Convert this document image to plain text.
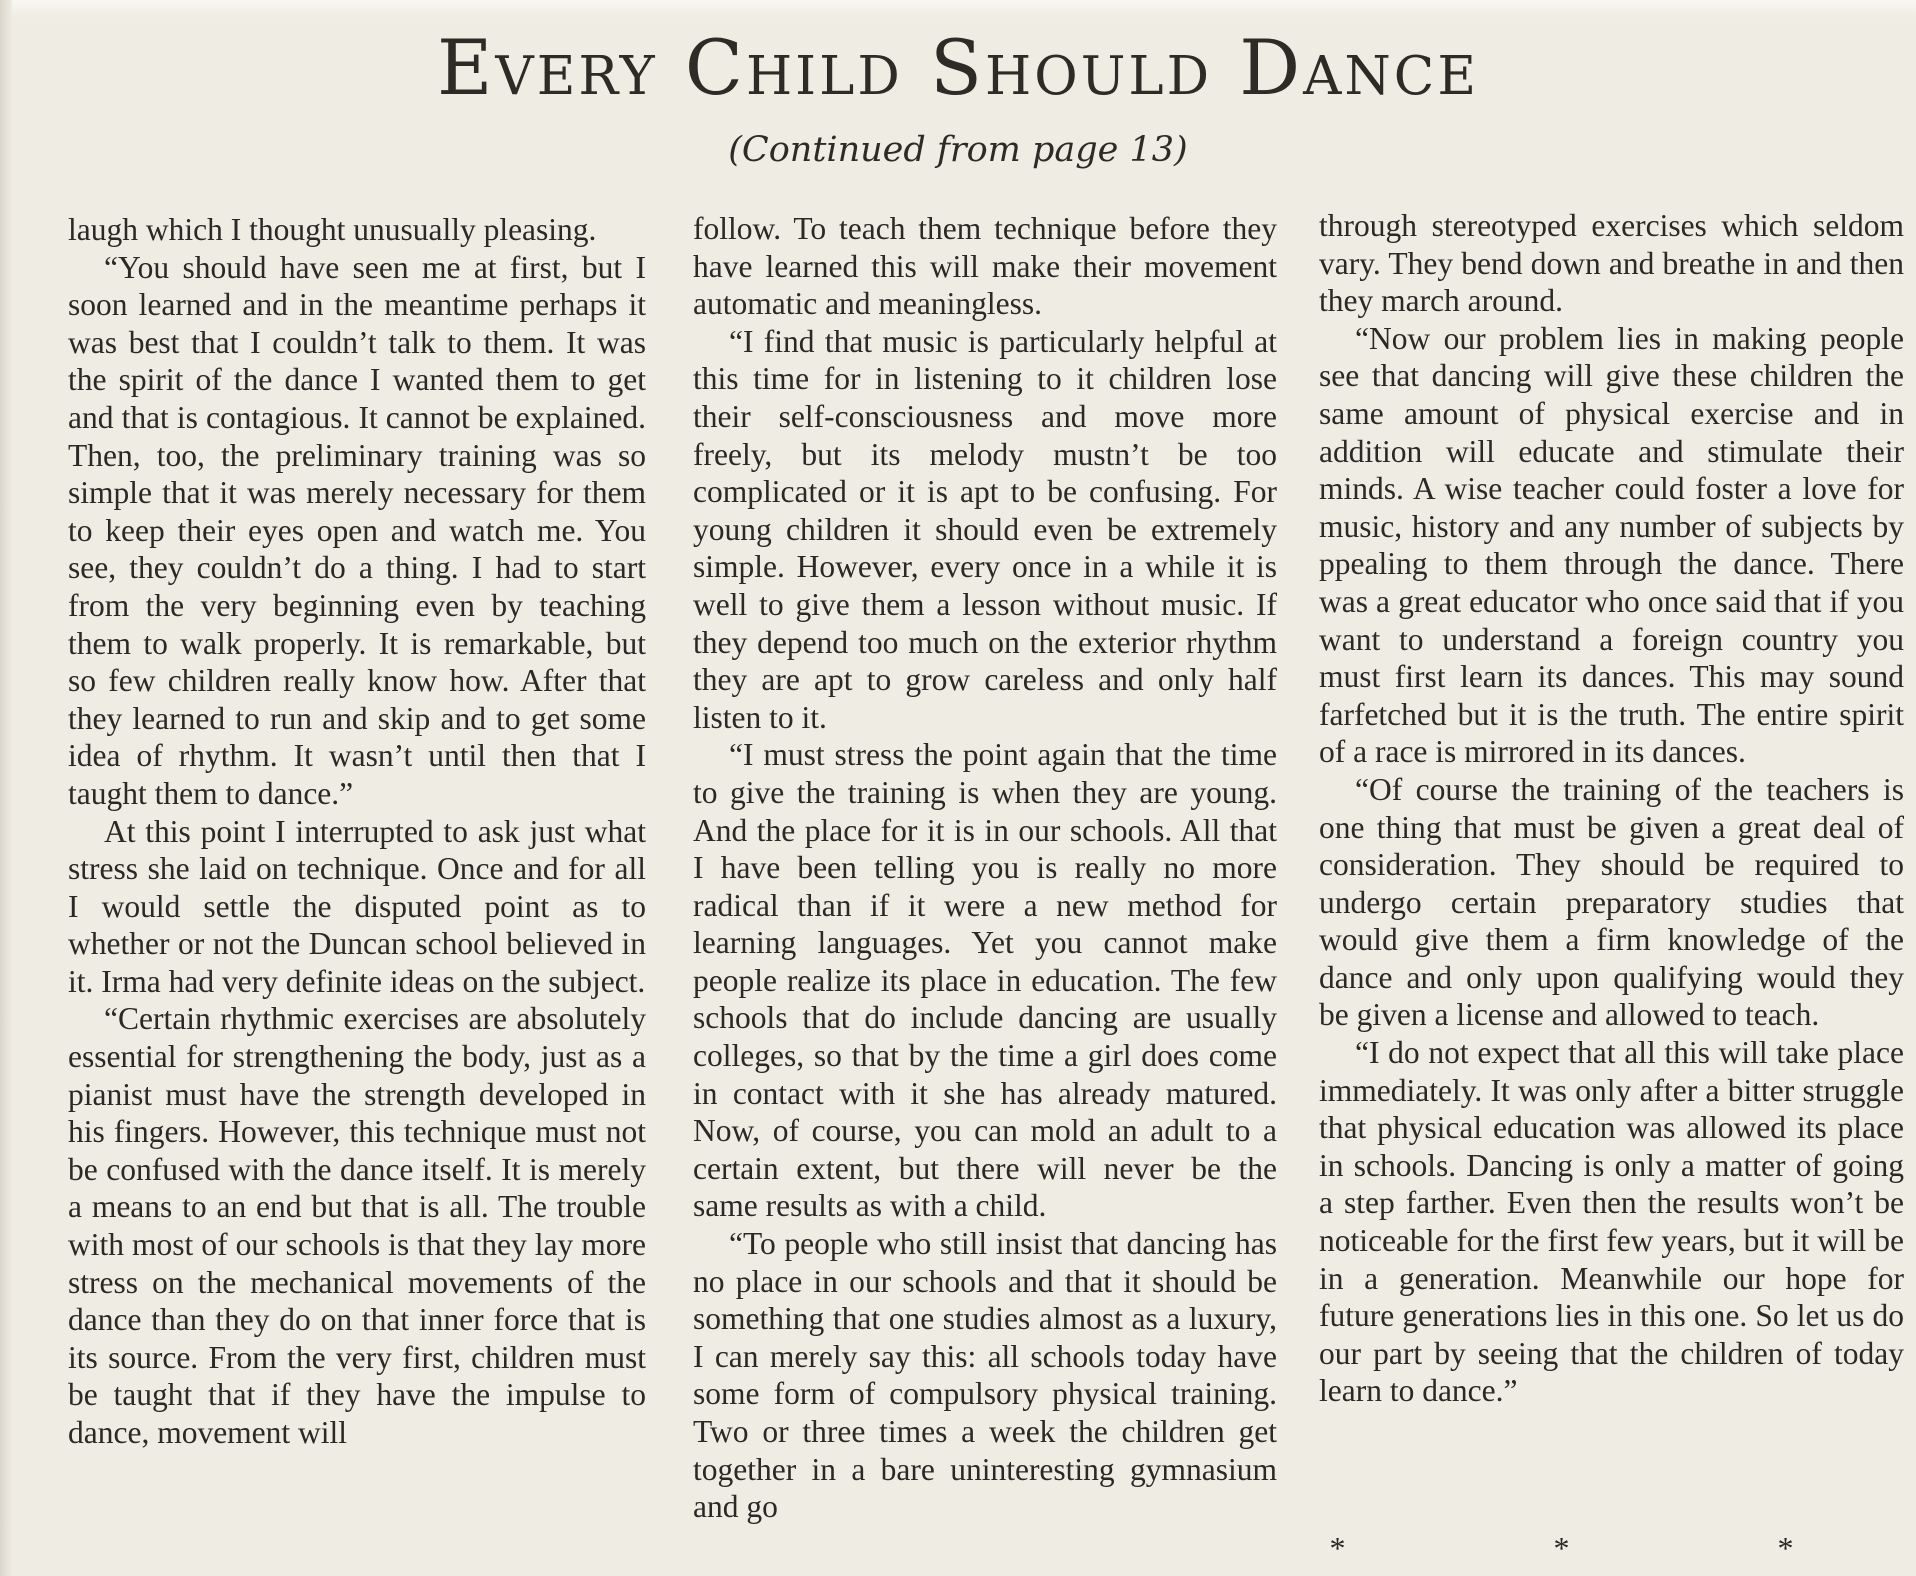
Every Child Should Dance
(Continued from page 13)

laugh which I thought unusually pleasing.

“You should have seen me at first, but I soon learned and in the meantime perhaps it was best that I couldn’t talk to them. It was the spirit of the dance I wanted them to get and that is contagious. It cannot be explained. Then, too, the preliminary training was so simple that it was merely necessary for them to keep their eyes open and watch me. You see, they couldn’t do a thing. I had to start from the very beginning even by teaching them to walk properly. It is remarkable, but so few children really know how. After that they learned to run and skip and to get some idea of rhythm. It wasn’t until then that I taught them to dance.”

At this point I interrupted to ask just what stress she laid on technique. Once and for all I would settle the disputed point as to whether or not the Duncan school believed in it. Irma had very definite ideas on the subject.

“Certain rhythmic exercises are absolutely essential for strengthening the body, just as a pianist must have the strength developed in his fingers. However, this technique must not be confused with the dance itself. It is merely a means to an end but that is all. The trouble with most of our schools is that they lay more stress on the mechanical movements of the dance than they do on that inner force that is its source. From the very first, children must be taught that if they have the impulse to dance, movement will

follow. To teach them technique before they have learned this will make their movement automatic and meaningless.

“I find that music is particularly helpful at this time for in listening to it children lose their self-consciousness and move more freely, but its melody mustn’t be too complicated or it is apt to be confusing. For young children it should even be extremely simple. However, every once in a while it is well to give them a lesson without music. If they depend too much on the exterior rhythm they are apt to grow careless and only half listen to it.

“I must stress the point again that the time to give the training is when they are young. And the place for it is in our schools. All that I have been telling you is really no more radical than if it were a new method for learning languages. Yet you cannot make people realize its place in education. The few schools that do include dancing are usually colleges, so that by the time a girl does come in contact with it she has already matured. Now, of course, you can mold an adult to a certain extent, but there will never be the same results as with a child.

“To people who still insist that dancing has no place in our schools and that it should be something that one studies almost as a luxury, I can merely say this: all schools today have some form of compulsory physical training. Two or three times a week the children get together in a bare uninteresting gymnasium and go

through stereotyped exercises which seldom vary. They bend down and breathe in and then they march around.

“Now our problem lies in making people see that dancing will give these children the same amount of physical exercise and in addition will educate and stimulate their minds. A wise teacher could foster a love for music, history and any number of subjects by ppealing to them through the dance. There was a great educator who once said that if you want to understand a foreign country you must first learn its dances. This may sound farfetched but it is the truth. The entire spirit of a race is mirrored in its dances.

“Of course the training of the teachers is one thing that must be given a great deal of consideration. They should be required to undergo certain preparatory studies that would give them a firm knowledge of the dance and only upon qualifying would they be given a license and allowed to teach.

“I do not expect that all this will take place immediately. It was only after a bitter struggle that physical education was allowed its place in schools. Dancing is only a matter of going a step farther. Even then the results won’t be noticeable for the first few years, but it will be in a generation. Meanwhile our hope for future generations lies in this one. So let us do our part by seeing that the children of today learn to dance.”

* * *
